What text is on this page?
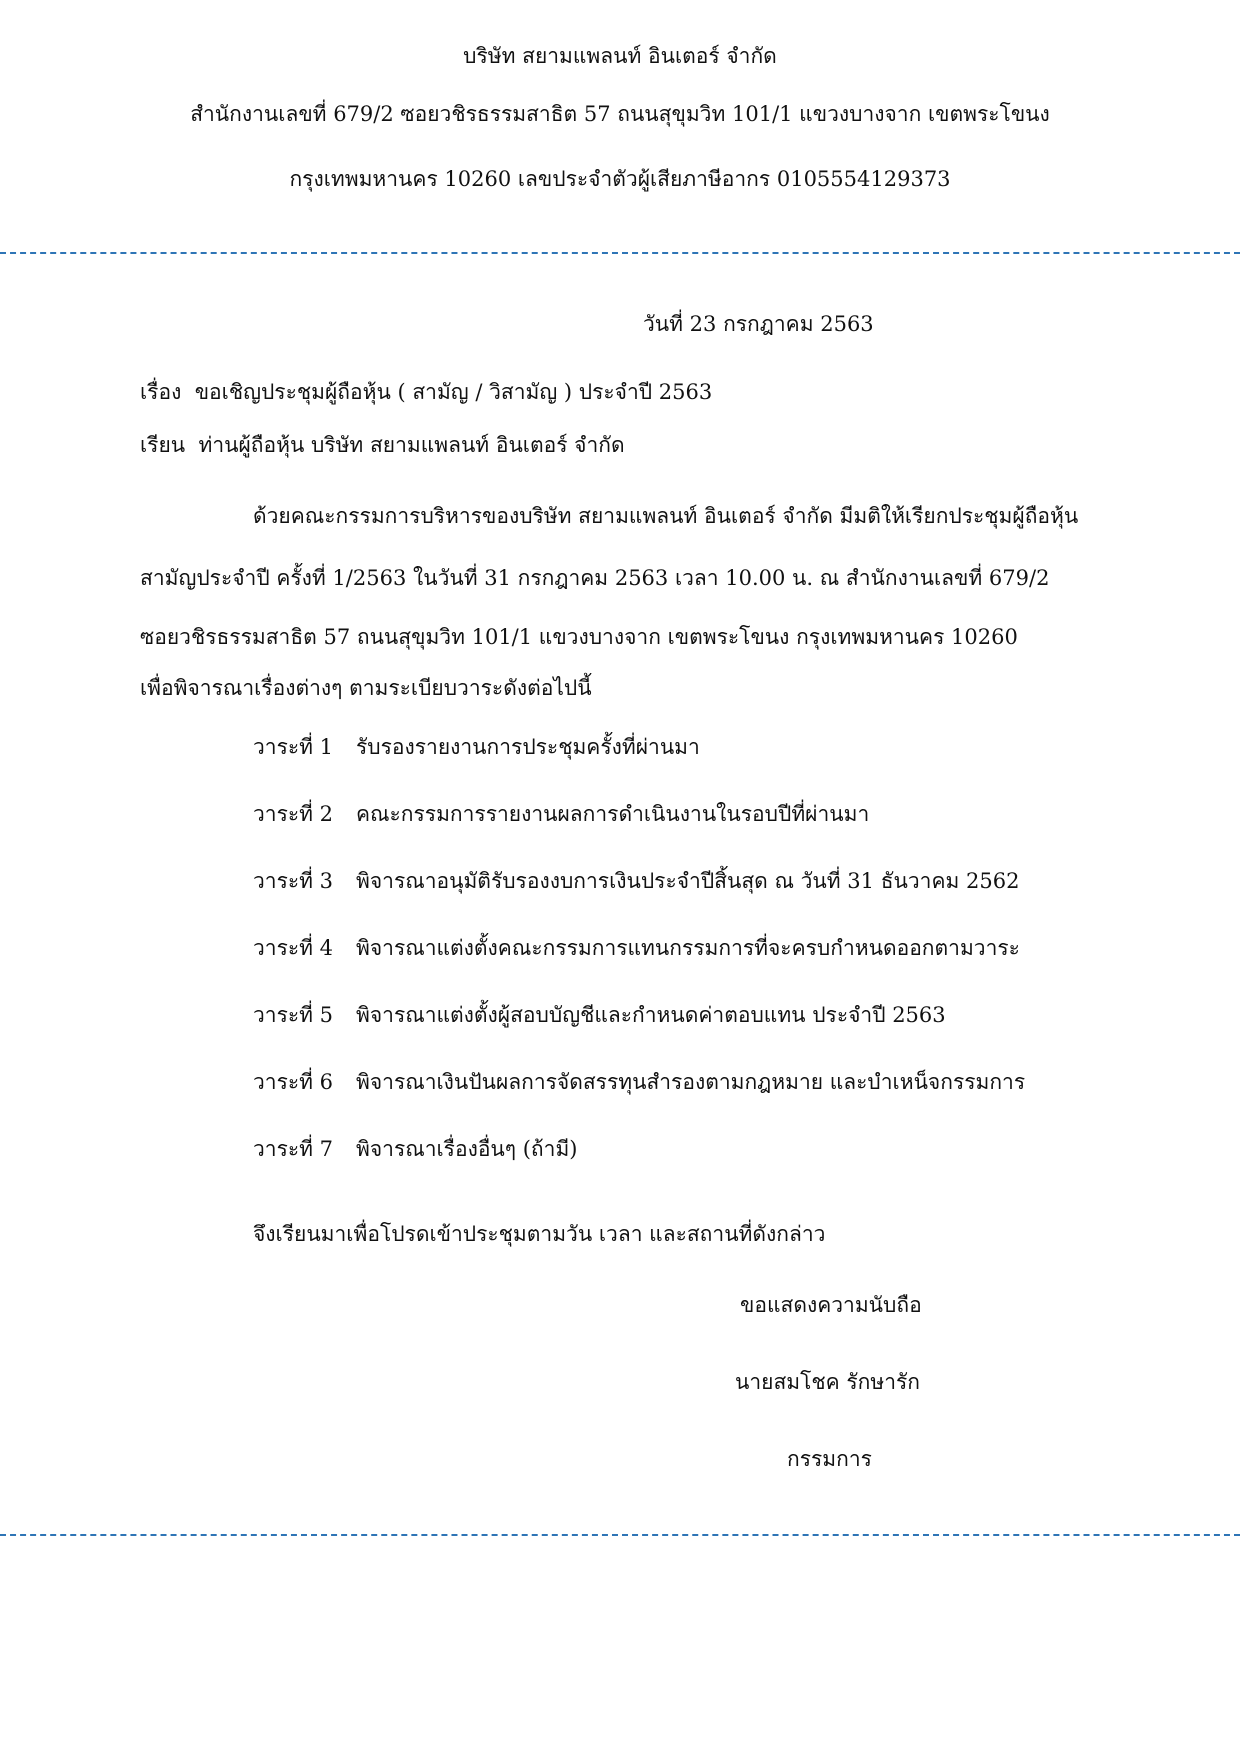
บริษัท สยามแพลนท์ อินเตอร์ จำกัด
สำนักงานเลขที่ 679/2 ซอยวชิรธรรมสาธิต 57 ถนนสุขุมวิท 101/1 แขวงบางจาก เขตพระโขนง
กรุงเทพมหานคร 10260 เลขประจำตัวผู้เสียภาษีอากร 0105554129373
วันที่ 23 กรกฎาคม 2563
เรื่อง ขอเชิญประชุมผู้ถือหุ้น ( สามัญ / วิสามัญ ) ประจำปี 2563
เรียน ท่านผู้ถือหุ้น บริษัท สยามแพลนท์ อินเตอร์ จำกัด
ด้วยคณะกรรมการบริหารของบริษัท สยามแพลนท์ อินเตอร์ จำกัด มีมติให้เรียกประชุมผู้ถือหุ้น
สามัญประจำปี ครั้งที่ 1/2563 ในวันที่ 31 กรกฎาคม 2563 เวลา 10.00 น. ณ สำนักงานเลขที่ 679/2
ซอยวชิรธรรมสาธิต 57 ถนนสุขุมวิท 101/1 แขวงบางจาก เขตพระโขนง กรุงเทพมหานคร 10260
เพื่อพิจารณาเรื่องต่างๆ ตามระเบียบวาระดังต่อไปนี้
วาระที่ 1 รับรองรายงานการประชุมครั้งที่ผ่านมา
วาระที่ 2 คณะกรรมการรายงานผลการดำเนินงานในรอบปีที่ผ่านมา
วาระที่ 3 พิจารณาอนุมัติรับรองงบการเงินประจำปีสิ้นสุด ณ วันที่ 31 ธันวาคม 2562
วาระที่ 4 พิจารณาแต่งตั้งคณะกรรมการแทนกรรมการที่จะครบกำหนดออกตามวาระ
วาระที่ 5 พิจารณาแต่งตั้งผู้สอบบัญชีและกำหนดค่าตอบแทน ประจำปี 2563
วาระที่ 6 พิจารณาเงินปันผลการจัดสรรทุนสำรองตามกฎหมาย และบำเหน็จกรรมการ
วาระที่ 7 พิจารณาเรื่องอื่นๆ (ถ้ามี)
จึงเรียนมาเพื่อโปรดเข้าประชุมตามวัน เวลา และสถานที่ดังกล่าว
ขอแสดงความนับถือ
นายสมโชค รักษารัก
กรรมการ
